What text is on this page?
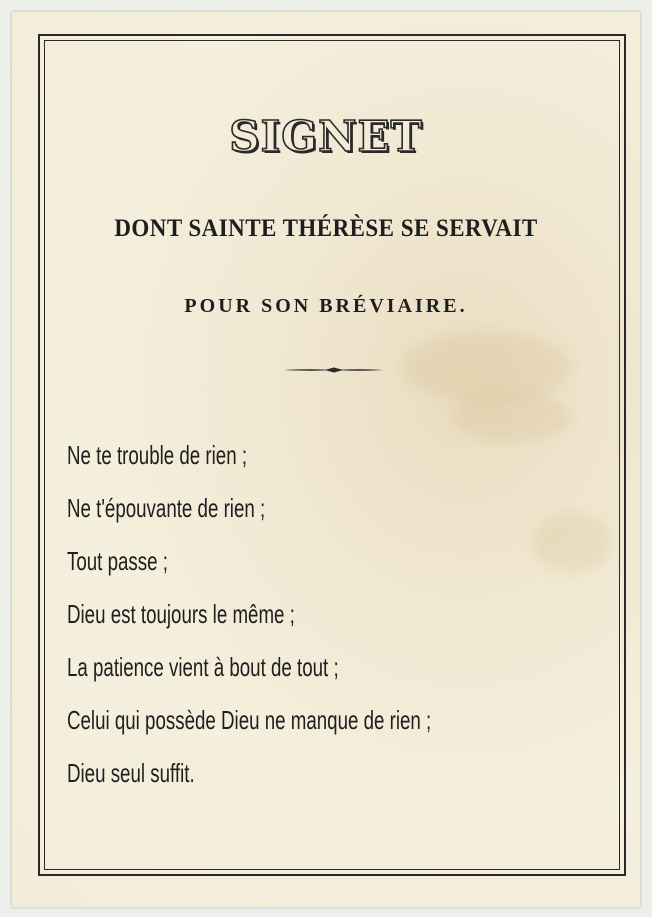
SIGNET
DONT SAINTE THÉRÈSE SE SERVAIT
POUR SON BRÉVIAIRE.
Ne te trouble de rien ;
Ne t'épouvante de rien ;
Tout passe ;
Dieu est toujours le même ;
La patience vient à bout de tout ;
Celui qui possède Dieu ne manque de rien ;
Dieu seul suffit.
